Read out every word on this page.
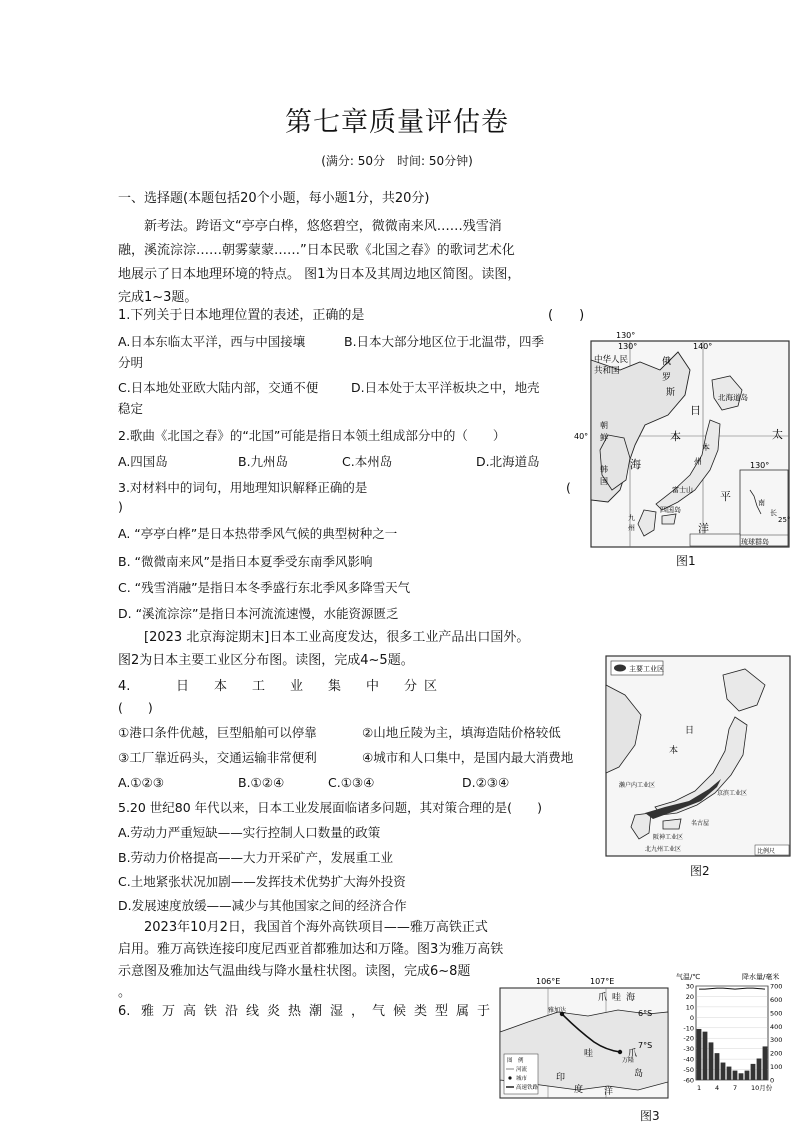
第七章质量评估卷
(满分: 50分　时间: 50分钟)
一、选择题(本题包括20个小题，每小题1分，共20分)
　　新考法。跨语文“亭亭白桦，悠悠碧空，微微南来风……残雪消
融，溪流淙淙……朝雾蒙蒙……”日本民歌《北国之春》的歌词艺术化
地展示了日本地理环境的特点。 图1为日本及其周边地区简图。读图，
完成1~3题。
1.下列关于日本地理位置的表述，正确的是	(　　)
A.日本东临太平洋，西与中国接壤	B.日本大部分地区位于北温带，四季
分明
C.日本地处亚欧大陆内部，交通不便	D.日本处于太平洋板块之中，地壳
稳定
2.歌曲《北国之春》的“北国”可能是指日本领土组成部分中的（　　）
A.四国岛	B.九州岛	C.本州岛	D.北海道岛
3.对材料中的词句，用地理知识解释正确的是	(
)
A. “亭亭白桦”是日本热带季风气候的典型树种之一
B. “微微南来风”是指日本夏季受东南季风影响
C. “残雪消融”是指日本冬季盛行东北季风多降雪天气
D. “溪流淙淙”是指日本河流流速慢，水能资源匮乏
　　[2023 北京海淀期末]日本工业高度发达，很多工业产品出口国外。
图2为日本主要工业区分布图。读图，完成4~5题。
4.	日 本 工 业 集 中 分 区
(　　)
①港口条件优越，巨型船舶可以停靠	②山地丘陵为主，填海造陆价格较低
③工厂靠近码头，交通运输非常便利	④城市和人口集中，是国内最大消费地
A.①②③	B.①②④	C.①③④	D.②③④
5.20 世纪80 年代以来，日本工业发展面临诸多问题，其对策合理的是(　　)
A.劳动力严重短缺——实行控制人口数量的政策
B.劳动力价格提高——大力开采矿产，发展重工业
C.土地紧张状况加剧——发挥技术优势扩大海外投资
D.发展速度放缓——减少与其他国家之间的经济合作
　　2023年10月2日，我国首个海外高铁项目——雅万高铁正式
启用。雅万高铁连接印度尼西亚首都雅加达和万隆。图3为雅万高铁
示意图及雅加达气温曲线与降水量柱状图。读图，完成6~8题
。
6. 雅 万 高 铁 沿 线 炎 热 潮 湿 ， 气 候 类 型 属 于
130°
130°	140°
40°
130°
中华人民
共和国
俄
罗
斯	北海道岛
日
本
海
朝
鲜
韩
国
本
州
富士山
四国岛
九
州
太
平
洋
琉球群岛
25°
南
长
图1
主要工业区
日
本
濑户内工业区
京滨工业区
名古屋
阪神工业区
北九州工业区	比例尺
图2
106°E	107°E
6°S
7°S
爪 哇 海
哇	爪
岛
印
度 洋
雅加达
万隆
图　例
河流
城市
高速铁路
气温/℃	降水量/毫米
30
20
10
0
-10
-20
-30
-40
-50
-60
700
600
500
400
300
200
100
0
1 4 7 10月份
图3
